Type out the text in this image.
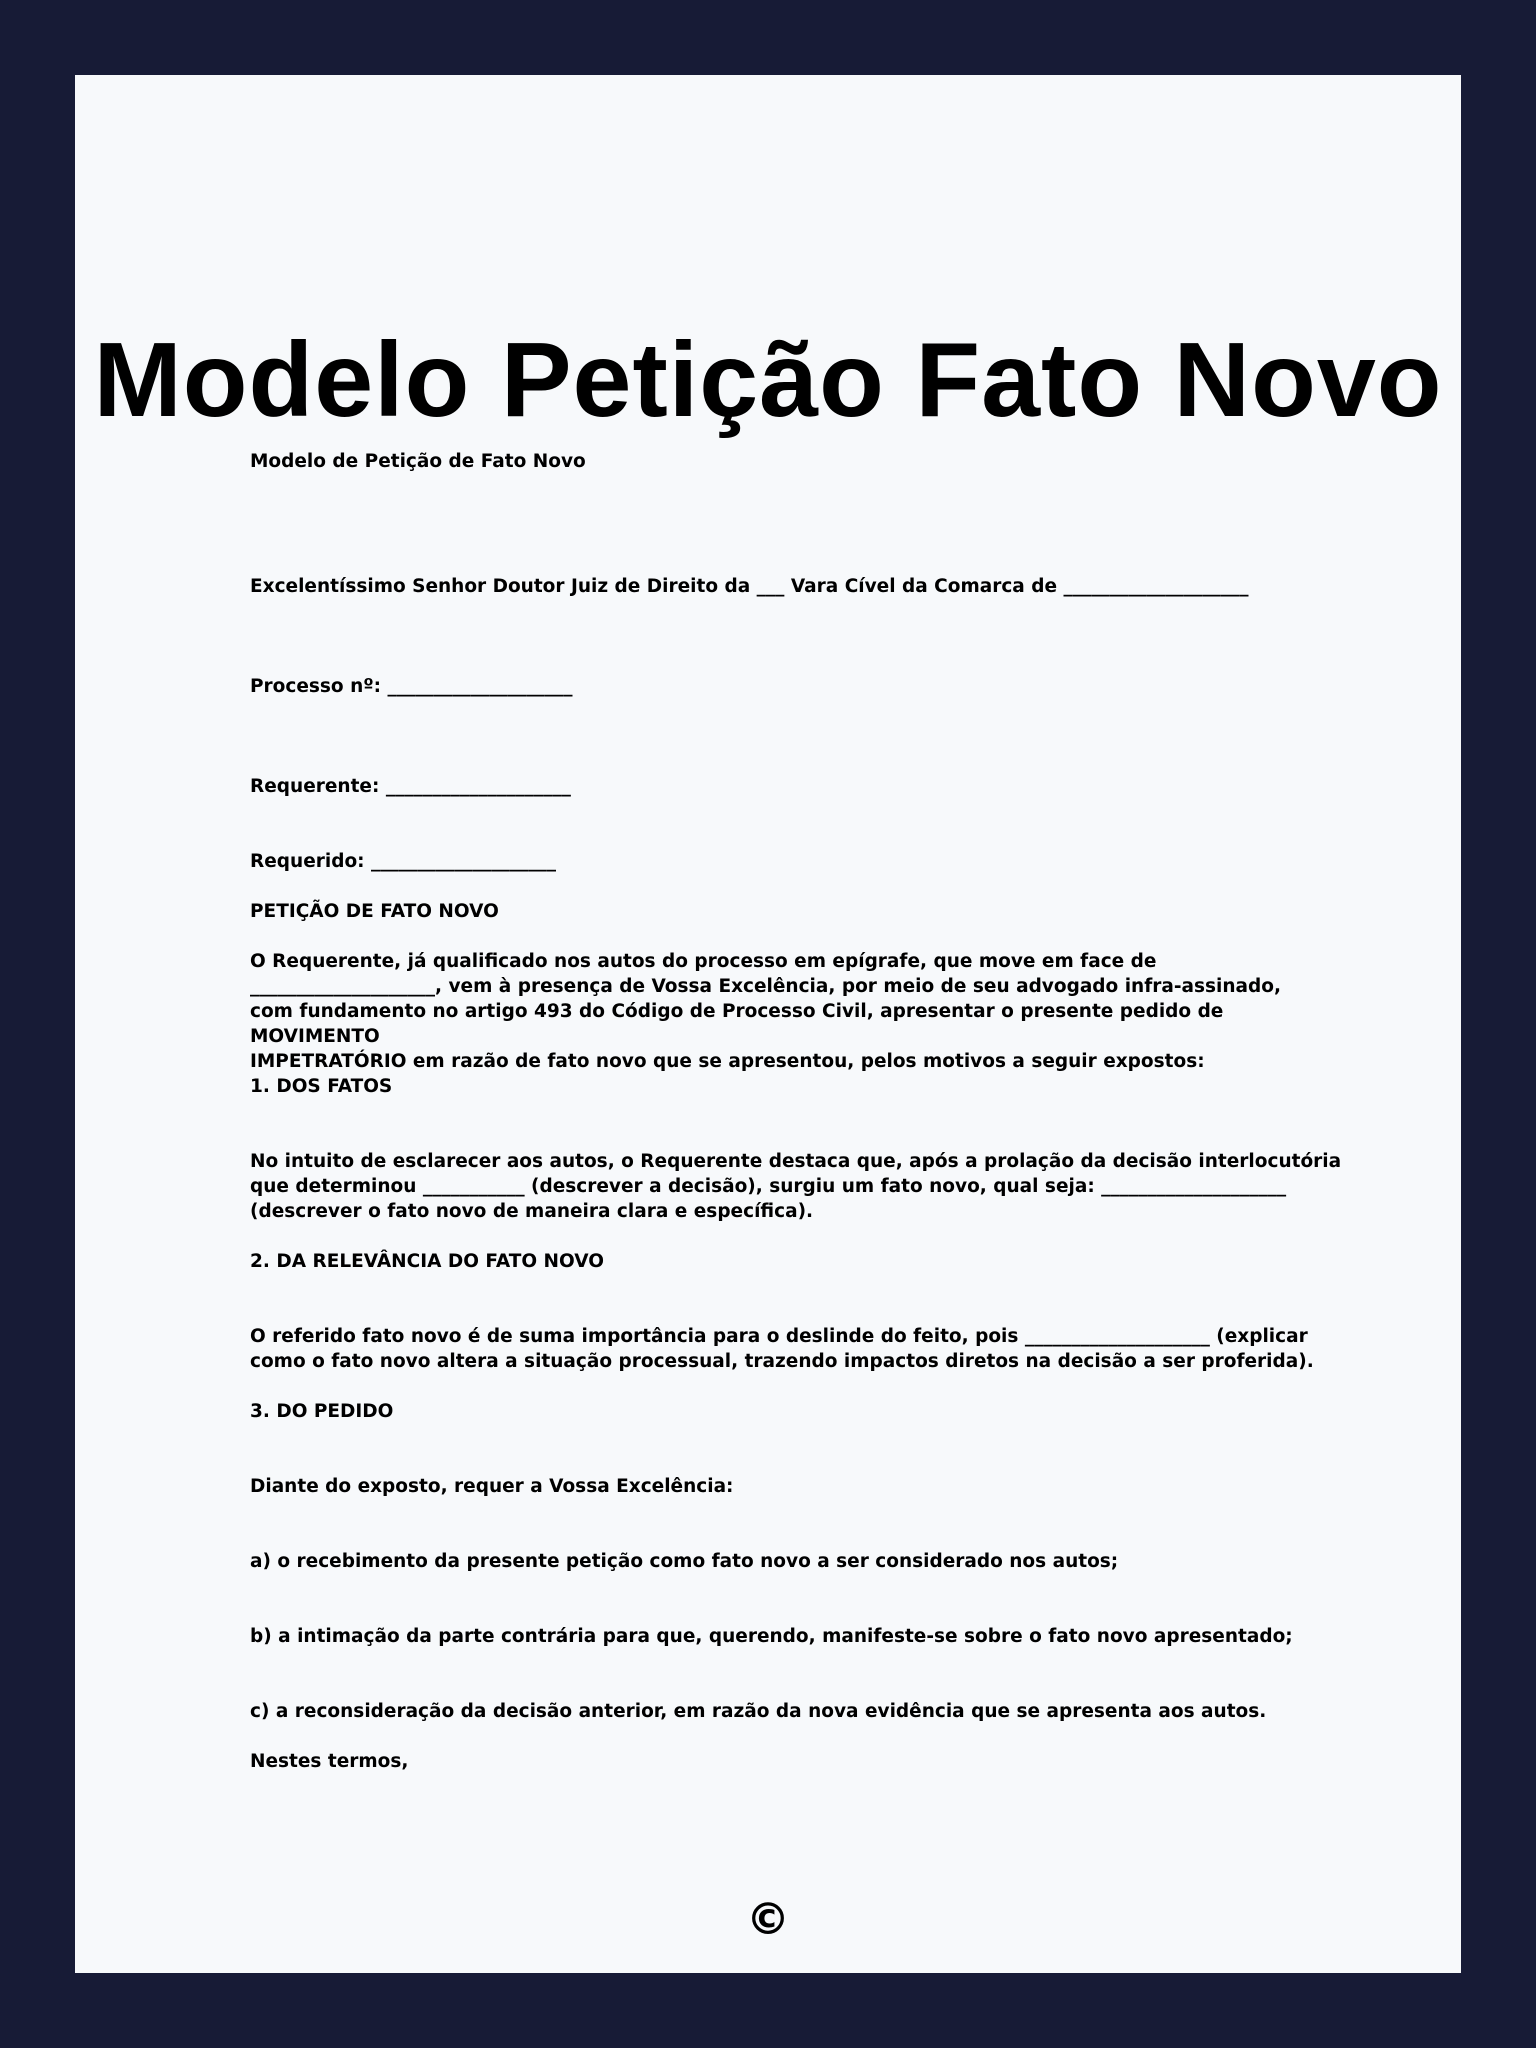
Modelo Petição Fato Novo

Modelo de Petição de Fato Novo

Excelentíssimo Senhor Doutor Juiz de Direito da ___ Vara Cível da Comarca de ____________________

Processo nº: ____________________

Requerente: ____________________

Requerido: ____________________

PETIÇÃO DE FATO NOVO

O Requerente, já qualificado nos autos do processo em epígrafe, que move em face de
____________________, vem à presença de Vossa Excelência, por meio de seu advogado infra-assinado,
com fundamento no artigo 493 do Código de Processo Civil, apresentar o presente pedido de MOVIMENTO
IMPETRATÓRIO em razão de fato novo que se apresentou, pelos motivos a seguir expostos:

1. DOS FATOS

No intuito de esclarecer aos autos, o Requerente destaca que, após a prolação da decisão interlocutória
que determinou ___________ (descrever a decisão), surgiu um fato novo, qual seja: ____________________
(descrever o fato novo de maneira clara e específica).

2. DA RELEVÂNCIA DO FATO NOVO

O referido fato novo é de suma importância para o deslinde do feito, pois ____________________ (explicar
como o fato novo altera a situação processual, trazendo impactos diretos na decisão a ser proferida).

3. DO PEDIDO

Diante do exposto, requer a Vossa Excelência:

a) o recebimento da presente petição como fato novo a ser considerado nos autos;

b) a intimação da parte contrária para que, querendo, manifeste-se sobre o fato novo apresentado;

c) a reconsideração da decisão anterior, em razão da nova evidência que se apresenta aos autos.

Nestes termos,

©
